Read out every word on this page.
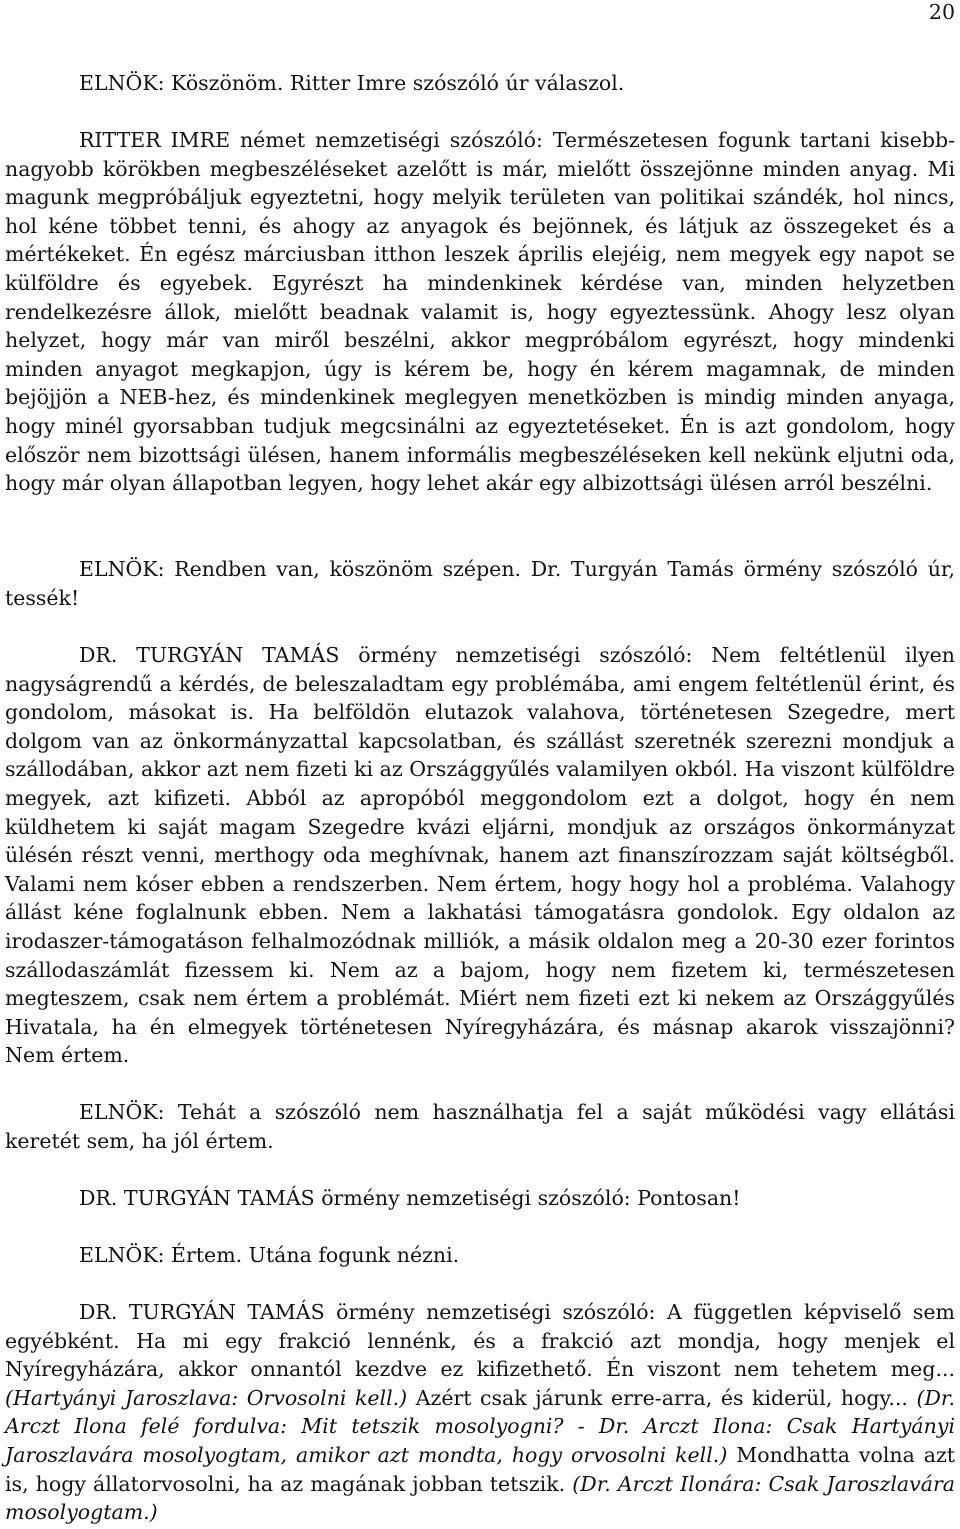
20

ELNÖK: Köszönöm. Ritter Imre szószóló úr válaszol.

RITTER IMRE német nemzetiségi szószóló: Természetesen fogunk tartani kisebb-nagyobb körökben megbeszéléseket azelőtt is már, mielőtt összejönne minden anyag. Mi magunk megpróbáljuk egyeztetni, hogy melyik területen van politikai szándék, hol nincs, hol kéne többet tenni, és ahogy az anyagok és bejönnek, és látjuk az összegeket és a mértékeket. Én egész márciusban itthon leszek április elejéig, nem megyek egy napot se külföldre és egyebek. Egyrészt ha mindenkinek kérdése van, minden helyzetben rendelkezésre állok, mielőtt beadnak valamit is, hogy egyeztessünk. Ahogy lesz olyan helyzet, hogy már van miről beszélni, akkor megpróbálom egyrészt, hogy mindenki minden anyagot megkapjon, úgy is kérem be, hogy én kérem magamnak, de minden bejöjjön a NEB-hez, és mindenkinek meglegyen menetközben is mindig minden anyaga, hogy minél gyorsabban tudjuk megcsinálni az egyeztetéseket. Én is azt gondolom, hogy először nem bizottsági ülésen, hanem informális megbeszéléseken kell nekünk eljutni oda, hogy már olyan állapotban legyen, hogy lehet akár egy albizottsági ülésen arról beszélni.

ELNÖK: Rendben van, köszönöm szépen. Dr. Turgyán Tamás örmény szószóló úr, tessék!

DR. TURGYÁN TAMÁS örmény nemzetiségi szószóló: Nem feltétlenül ilyen nagyságrendű a kérdés, de beleszaladtam egy problémába, ami engem feltétlenül érint, és gondolom, másokat is. Ha belföldön elutazok valahova, történetesen Szegedre, mert dolgom van az önkormányzattal kapcsolatban, és szállást szeretnék szerezni mondjuk a szállodában, akkor azt nem fizeti ki az Országgyűlés valamilyen okból. Ha viszont külföldre megyek, azt kifizeti. Abból az apropóból meggondolom ezt a dolgot, hogy én nem küldhetem ki saját magam Szegedre kvázi eljárni, mondjuk az országos önkormányzat ülésén részt venni, merthogy oda meghívnak, hanem azt finanszírozzam saját költségből. Valami nem kóser ebben a rendszerben. Nem értem, hogy hogy hol a probléma. Valahogy állást kéne foglalnunk ebben. Nem a lakhatási támogatásra gondolok. Egy oldalon az irodaszer-támogatáson felhalmozódnak milliók, a másik oldalon meg a 20-30 ezer forintos szállodaszámlát fizessem ki. Nem az a bajom, hogy nem fizetem ki, természetesen megteszem, csak nem értem a problémát. Miért nem fizeti ezt ki nekem az Országgyűlés Hivatala, ha én elmegyek történetesen Nyíregyházára, és másnap akarok visszajönni? Nem értem.

ELNÖK: Tehát a szószóló nem használhatja fel a saját működési vagy ellátási keretét sem, ha jól értem.

DR. TURGYÁN TAMÁS örmény nemzetiségi szószóló: Pontosan!

ELNÖK: Értem. Utána fogunk nézni.

DR. TURGYÁN TAMÁS örmény nemzetiségi szószóló: A független képviselő sem egyébként. Ha mi egy frakció lennénk, és a frakció azt mondja, hogy menjek el Nyíregyházára, akkor onnantól kezdve ez kifizethető. Én viszont nem tehetem meg... (Hartyányi Jaroszlava: Orvosolni kell.) Azért csak járunk erre-arra, és kiderül, hogy... (Dr. Arczt Ilona felé fordulva: Mit tetszik mosolyogni? - Dr. Arczt Ilona: Csak Hartyányi Jaroszlavára mosolyogtam, amikor azt mondta, hogy orvosolni kell.) Mondhatta volna azt is, hogy állatorvosolni, ha az magának jobban tetszik. (Dr. Arczt Ilonára: Csak Jaroszlavára mosolyogtam.)
